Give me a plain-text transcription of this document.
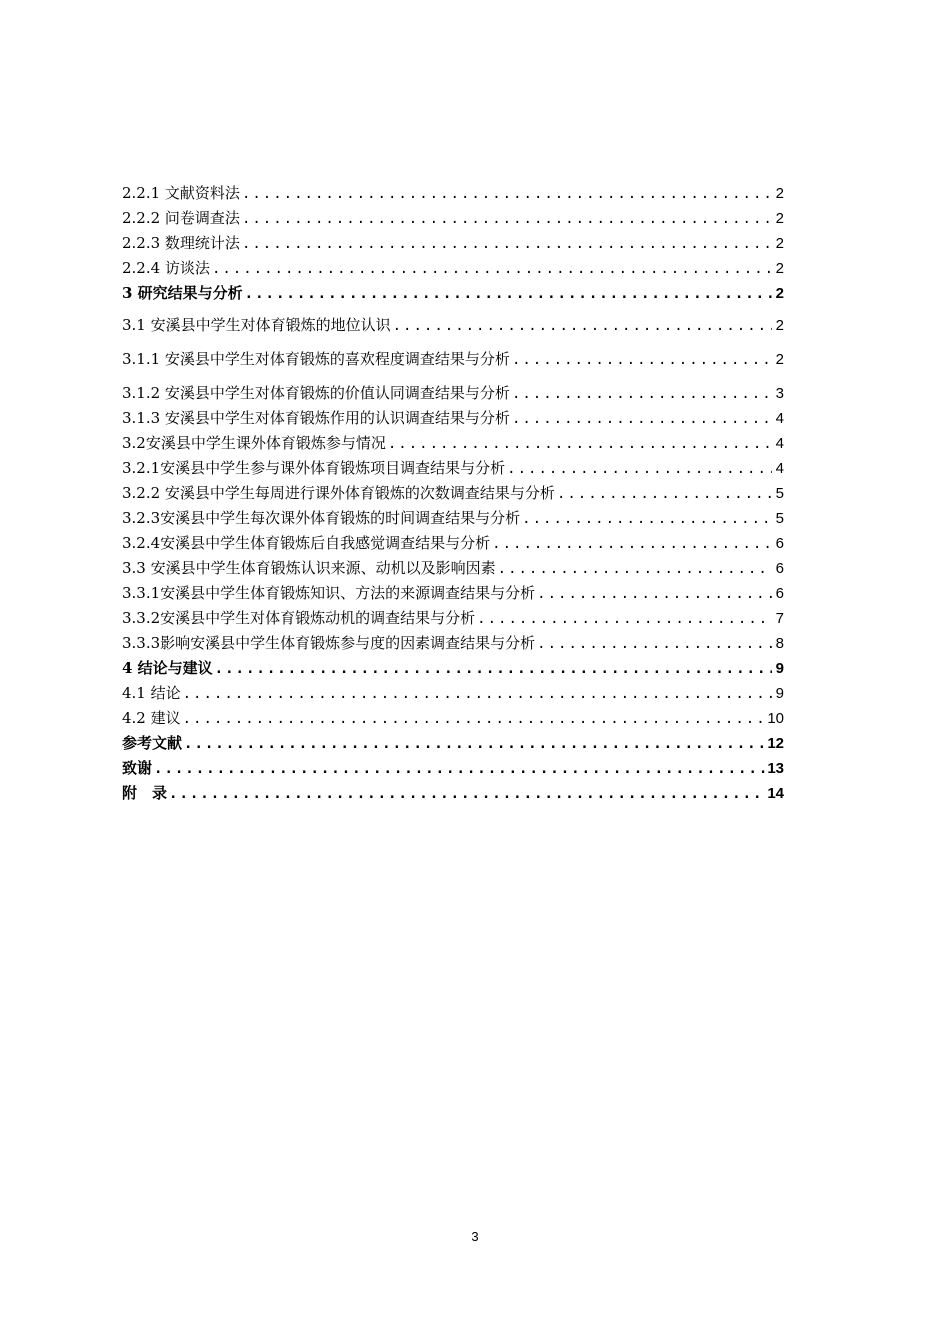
2.2.1 文献资料法 .....	2
2.2.2 问卷调查法 .....	2
2.2.3 数理统计法 .....	2
2.2.4 访谈法 .....	2
3 研究结果与分析 .....	2
3.1 安溪县中学生对体育锻炼的地位认识 .....	2
3.1.1 安溪县中学生对体育锻炼的喜欢程度调查结果与分析 .....	2
3.1.2 安溪县中学生对体育锻炼的价值认同调查结果与分析 .....	3
3.1.3 安溪县中学生对体育锻炼作用的认识调查结果与分析 .....	4
3.2安溪县中学生课外体育锻炼参与情况 .....	4
3.2.1安溪县中学生参与课外体育锻炼项目调查结果与分析 .....	4
3.2.2 安溪县中学生每周进行课外体育锻炼的次数调查结果与分析 .....	5
3.2.3安溪县中学生每次课外体育锻炼的时间调查结果与分析 .....	5
3.2.4安溪县中学生体育锻炼后自我感觉调查结果与分析 .....	6
3.3 安溪县中学生体育锻炼认识来源、动机以及影响因素 .....	6
3.3.1安溪县中学生体育锻炼知识、方法的来源调查结果与分析 .....	6
3.3.2安溪县中学生对体育锻炼动机的调查结果与分析 .....	7
3.3.3影响安溪县中学生体育锻炼参与度的因素调查结果与分析 .....	8
4 结论与建议 .....	9
4.1 结论 .....	9
4.2 建议 .....	10
参考文献 .....	12
致谢 .....	13
附　录 .....	14
3
